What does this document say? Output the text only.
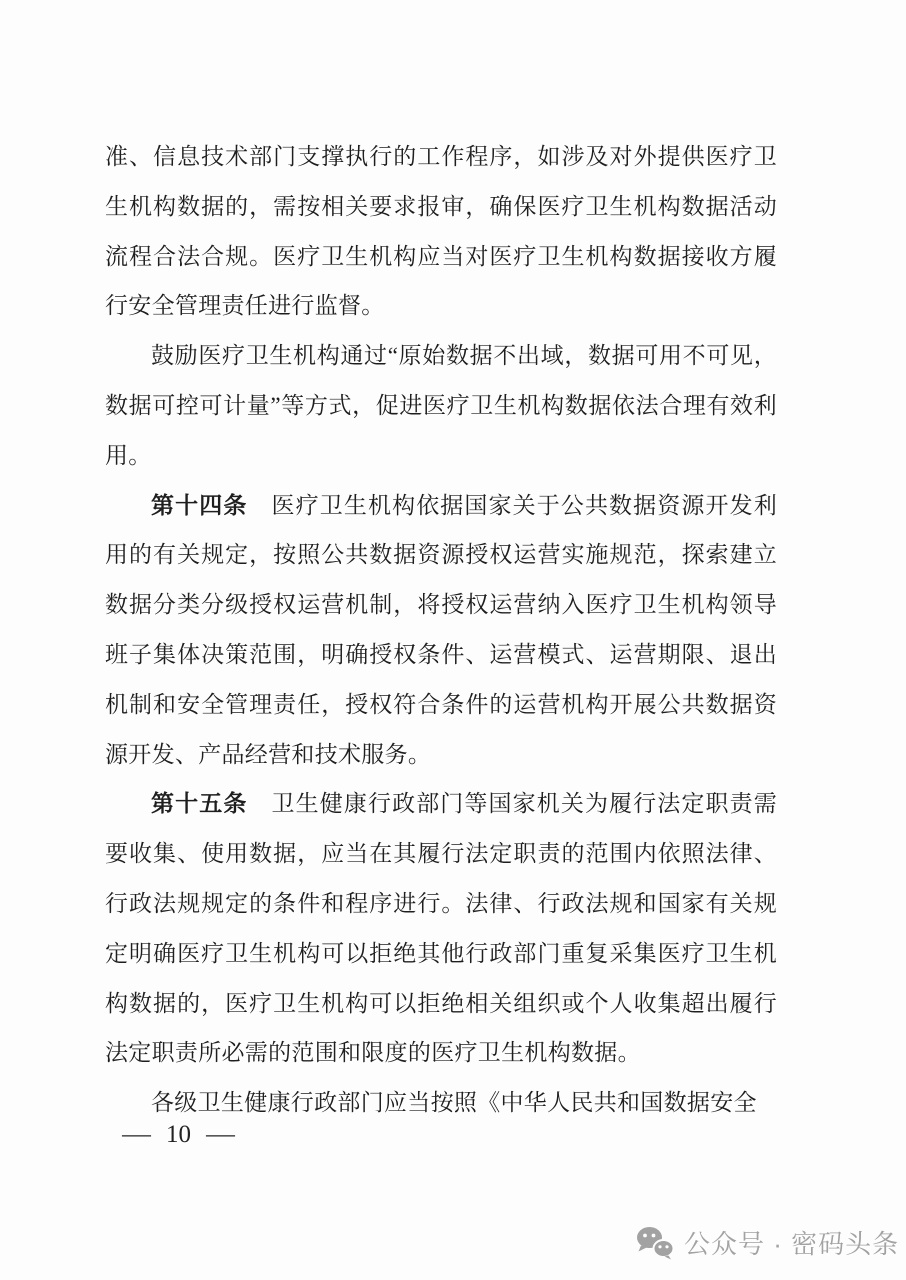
准、信息技术部门支撑执行的工作程序，如涉及对外提供医疗卫生机构数据的，需按相关要求报审，确保医疗卫生机构数据活动流程合法合规。医疗卫生机构应当对医疗卫生机构数据接收方履行安全管理责任进行监督。

鼓励医疗卫生机构通过“原始数据不出域，数据可用不可见，数据可控可计量”等方式，促进医疗卫生机构数据依法合理有效利用。

第十四条　医疗卫生机构依据国家关于公共数据资源开发利用的有关规定，按照公共数据资源授权运营实施规范，探索建立数据分类分级授权运营机制，将授权运营纳入医疗卫生机构领导班子集体决策范围，明确授权条件、运营模式、运营期限、退出机制和安全管理责任，授权符合条件的运营机构开展公共数据资源开发、产品经营和技术服务。

第十五条　卫生健康行政部门等国家机关为履行法定职责需要收集、使用数据，应当在其履行法定职责的范围内依照法律、行政法规规定的条件和程序进行。法律、行政法规和国家有关规定明确医疗卫生机构可以拒绝其他行政部门重复采集医疗卫生机构数据的，医疗卫生机构可以拒绝相关组织或个人收集超出履行法定职责所必需的范围和限度的医疗卫生机构数据。

各级卫生健康行政部门应当按照《中华人民共和国数据安全

— 10 —
公众号 · 密码头条
